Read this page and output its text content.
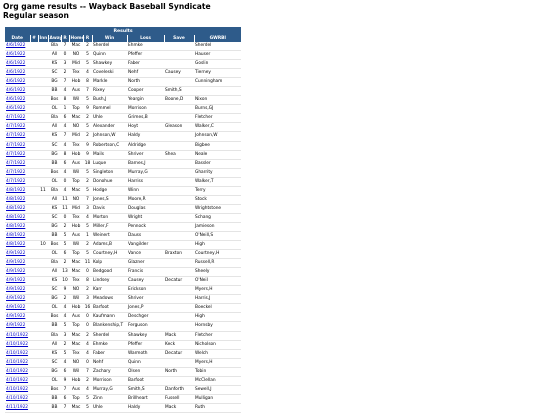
Org game results -- Wayback Baseball Syndicate
Regular season
Results										
Date	#	Inn	Away	R	Home	R	Win	Loss	Save	GWRBI
4/6/1922			Bla	7	Mac	2	Sherdel	Ehmke		Sherdel
4/6/1922			All	0	NO	5	Quinn	Pfeffer		Hauser
4/6/1922			KS	3	Mid	5	Shawkey	Faber		Goslin
4/6/1922			SC	2	Tex	4	Coveleski	Nehf	Causey	Tierney
4/6/1922			BG	7	Hob	8	Markle	North		Cunningham
4/6/1922			BB	4	Aus	7	Rixey	Cooper	Smith,S	
4/6/1922			Bos	8	Wil	5	Bush,J	Yeargin	Boone,D	Nixon
4/6/1922			OL	1	Top	9	Rommel	Morrison		Burns,GJ
4/7/1922			Bla	6	Mac	2	Uhle	Grimes,B		Fletcher
4/7/1922			All	4	NO	5	Alexander	Hoyt	Gleason	Walker,C
4/7/1922			KS	7	Mid	2	Johnson,W	Haldy		Johnson,W
4/7/1922			SC	4	Tex	9	Robertson,C	Aldridge		Bigbee
4/7/1922			BG	8	Hob	9	Mails	Shriver	Shea	Neale
4/7/1922			BB	6	Aus	18	Luque	Barnes,J		Bassler
4/7/1922			Bos	4	Wil	5	Singleton	Murray,G		Gharrity
4/7/1922			OL	0	Top	2	Donohue	Harriss		Walker,T
4/8/1922		11	Bla	4	Mac	5	Hodge	Winn		Terry
4/8/1922			All	11	NO	7	Jones,S	Moore,R		Stock
4/8/1922			KS	11	Mid	3	Davis	Douglas		Wrightstone
4/8/1922			SC	0	Tex	4	Morton	Wright		Schang
4/8/1922			BG	2	Hob	5	Miller,F	Pennock		Jamieson
4/8/1922			BB	5	Aus	1	Weinert	Dauss		O'Neill,S
4/8/1922		10	Bos	5	Wil	2	Adams,B	Vangilder		High
4/9/1922			OL	6	Top	5	Courtney,H	Vance	Braxton	Courtney,H
4/9/1922			Bla	2	Mac	11	Kolp	Glazner		Russell,R
4/9/1922			All	13	Mac	0	Bedgood	Francis		Sheely
4/9/1922			KS	10	Tex	8	Lindsey	Causey	Decatur	O'Neil
4/9/1922			SC	9	NO	2	Karr	Erickson		Myers,H
4/9/1922			BG	2	Wil	3	Meadows	Shriver		Harris,J
4/9/1922			OL	4	Hob	16	Barfoot	Jones,P		Boeckel
4/9/1922			Bos	4	Aus	0	Kaufmann	Deschger		High
4/9/1922			BB	5	Top	0	Blankenship,T	Ferguson		Hornsby
4/10/1922			Bla	3	Mac	2	Sherdel	Shawkey	Mack	Fletcher
4/10/1922			All	2	Mac	4	Ehmke	Pfeffer	Keck	Nicholson
4/10/1922			KS	5	Tex	4	Faber	Warmoth	Decatur	Welch
4/10/1922			SC	4	NO	0	Nehf	Quinn		Myers,H
4/10/1922			BG	6	Wil	7	Zachary	Olsen	North	Tobin
4/10/1922			OL	9	Hob	2	Morrison	Barfoot		McClellan
4/10/1922			Bos	7	Aus	4	Murray,G	Smith,S	Danforth	Sewell,J
4/10/1922			BB	6	Top	5	Zinn	Brillheart	Fussell	Mulligan
4/11/1922			BB	7	Mac	5	Uhle	Haldy	Mack	Ruth
